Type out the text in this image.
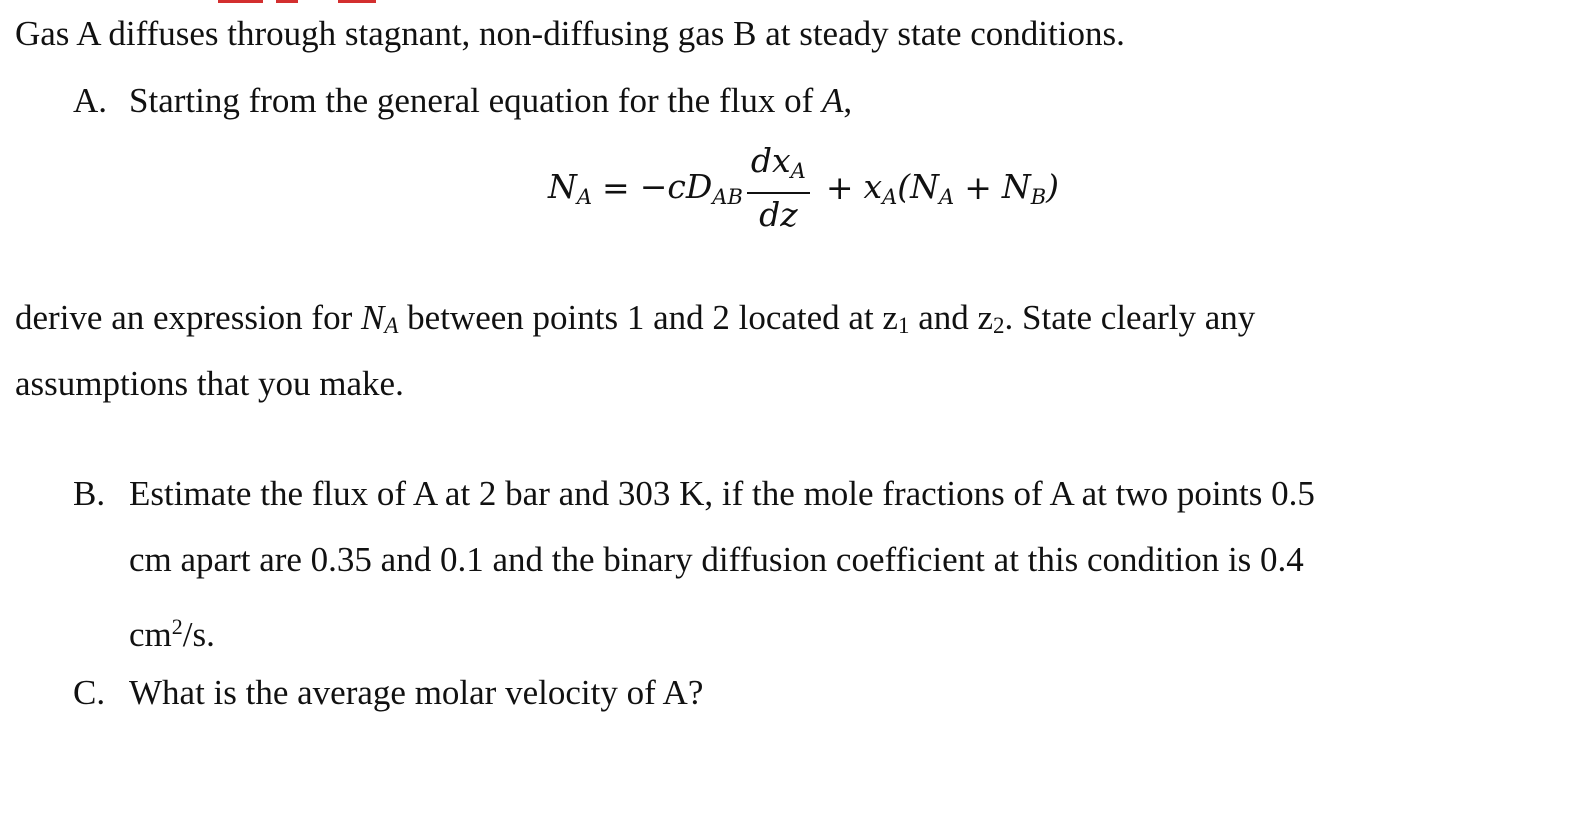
Gas A diffuses through stagnant, non-diffusing gas B at steady state conditions.
A. Starting from the general equation for the flux of A,
$N_A = -cD_{AB} \frac{dx_A}{dz} + x_A$ $(N_A + N_B)$
derive an expression for NA between points 1 and 2 located at z1 and z2. State clearly any
assumptions that you make.
B. Estimate the flux of A at 2 bar and 303 K, if the mole fractions of A at two points 0.5
cm apart are 0.35 and 0.1 and the binary diffusion coefficient at this condition is 0.4
$cm^2/s$.
C. What is the average molar velocity of A?
